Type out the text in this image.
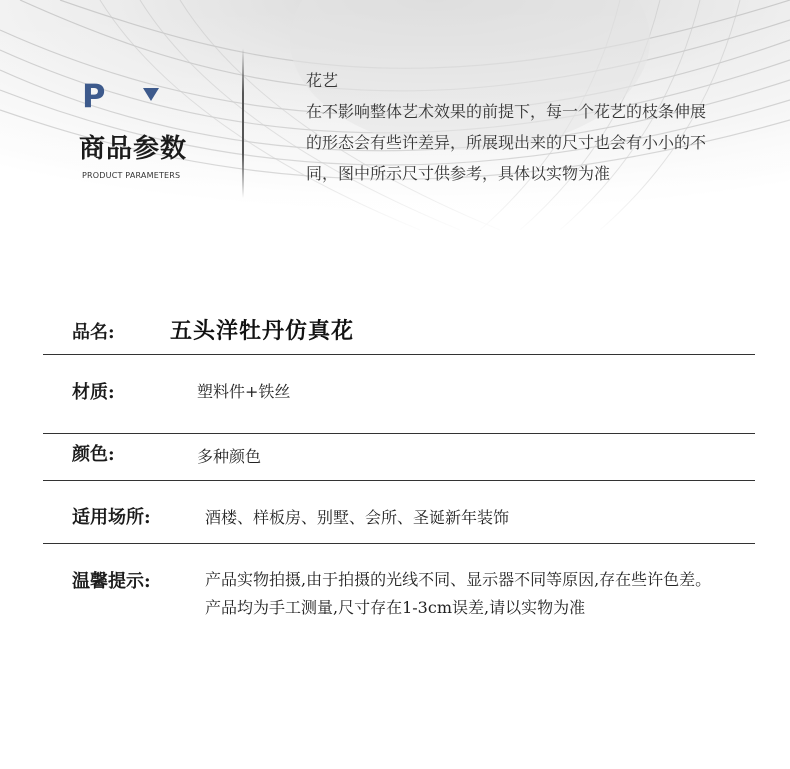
P
商品参数
PRODUCT PARAMETERS
花艺
在不影响整体艺术效果的前提下，每一个花艺的枝条伸展的形态会有些许差异，所展现出来的尺寸也会有小小的不同，图中所示尺寸供参考，具体以实物为准
品名:	五头洋牡丹仿真花
材质:	塑料件+铁丝
颜色:	多种颜色
适用场所:	酒楼、样板房、别墅、会所、圣诞新年装饰
温馨提示:	产品实物拍摄,由于拍摄的光线不同、显示器不同等原因,存在些许色差。产品均为手工测量,尺寸存在1-3cm误差,请以实物为准
